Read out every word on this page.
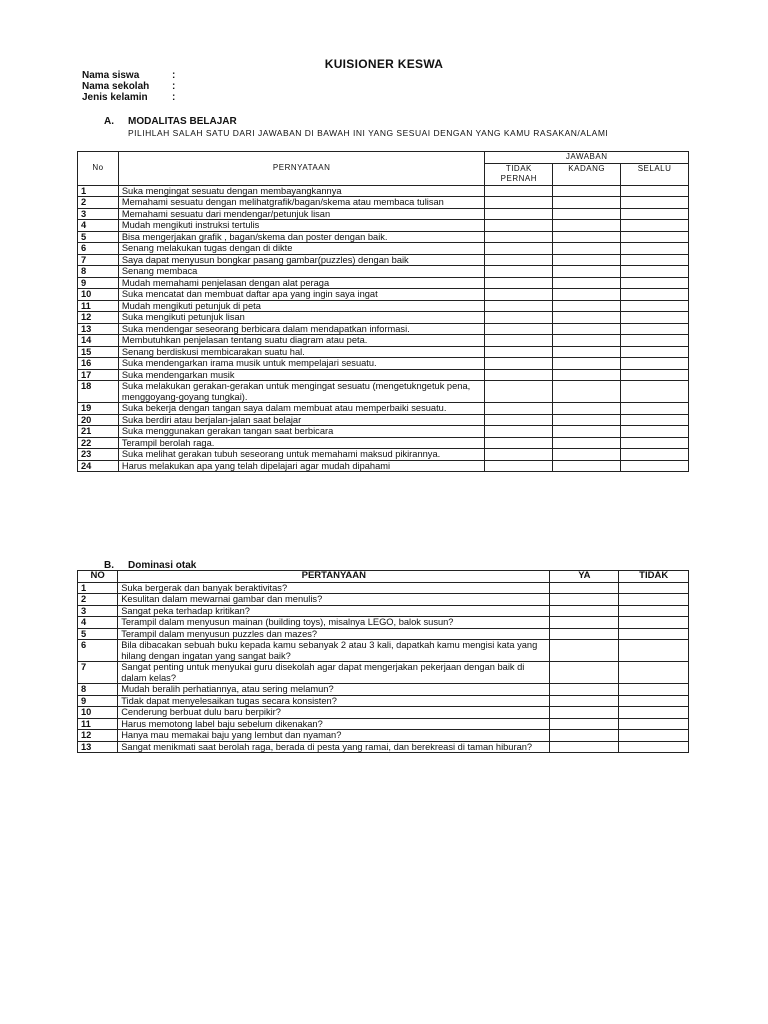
KUISIONER KESWA
Nama siswa	:
Nama sekolah	:
Jenis kelamin	:
A. MODALITAS BELAJAR
PILIHLAH SALAH SATU DARI JAWABAN DI BAWAH INI YANG SESUAI DENGAN YANG KAMU RASAKAN/ALAMI
No	PERNYATAAN	JAWABAN		
		TIDAK PERNAH	KADANG	SELALU
1	Suka mengingat sesuatu dengan membayangkannya			
2	Memahami sesuatu dengan melihatgrafik/bagan/skema atau membaca tulisan			
3	Memahami sesuatu dari mendengar/petunjuk lisan			
4	Mudah mengikuti instruksi tertulis			
5	Bisa mengerjakan grafik , bagan/skema dan poster dengan baik.			
6	Senang melakukan tugas dengan di dikte			
7	Saya dapat menyusun bongkar pasang gambar(puzzles) dengan baik			
8	Senang membaca			
9	Mudah memahami penjelasan dengan alat peraga			
10	Suka mencatat dan membuat daftar apa yang ingin saya ingat			
11	Mudah mengikuti petunjuk di peta			
12	Suka mengikuti petunjuk lisan			
13	Suka mendengar seseorang berbicara dalam mendapatkan informasi.			
14	Membutuhkan penjelasan tentang suatu diagram atau peta.			
15	Senang berdiskusi membicarakan suatu hal.			
16	Suka mendengarkan irama musik untuk mempelajari sesuatu.			
17	Suka mendengarkan musik			
18	Suka melakukan gerakan-gerakan untuk mengingat sesuatu (mengetukngetuk pena, menggoyang-goyang tungkai).			
19	Suka bekerja dengan tangan saya dalam membuat atau memperbaiki sesuatu.			
20	Suka berdiri atau berjalan-jalan saat belajar			
21	Suka menggunakan gerakan tangan saat berbicara			
22	Terampil berolah raga.			
23	Suka melihat gerakan tubuh seseorang untuk memahami maksud pikirannya.			
24	Harus melakukan apa yang telah dipelajari agar mudah dipahami			
B. Dominasi otak
NO	PERTANYAAN	YA	TIDAK
1	Suka bergerak dan banyak beraktivitas?		
2	Kesulitan dalam mewarnai gambar dan menulis?		
3	Sangat peka terhadap kritikan?		
4	Terampil dalam menyusun mainan (building toys), misalnya LEGO, balok susun?		
5	Terampil dalam menyusun puzzles dan mazes?		
6	Bila dibacakan sebuah buku kepada kamu sebanyak 2 atau 3 kali, dapatkah kamu mengisi kata yang hilang dengan ingatan yang sangat baik?		
7	Sangat penting untuk menyukai guru disekolah agar dapat mengerjakan pekerjaan dengan baik di dalam kelas?		
8	Mudah beralih perhatiannya, atau sering melamun?		
9	Tidak dapat menyelesaikan tugas secara konsisten?		
10	Cenderung berbuat dulu baru berpikir?		
11	Harus memotong label baju sebelum dikenakan?		
12	Hanya mau memakai baju yang lembut dan nyaman?		
13	Sangat menikmati saat berolah raga, berada di pesta yang ramai, dan berekreasi di taman hiburan?		
